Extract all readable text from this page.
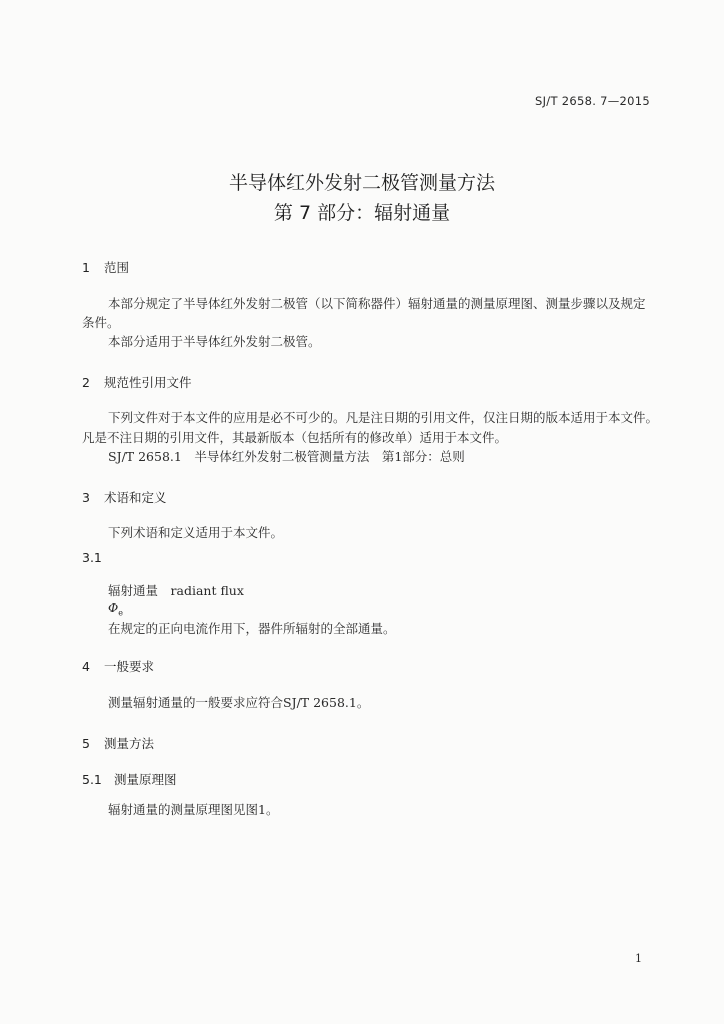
SJ/T 2658. 7—2015
半导体红外发射二极管测量方法
第 7 部分：辐射通量
1 范围
本部分规定了半导体红外发射二极管（以下简称器件）辐射通量的测量原理图、测量步骤以及规定
条件。
本部分适用于半导体红外发射二极管。
2 规范性引用文件
下列文件对于本文件的应用是必不可少的。凡是注日期的引用文件，仅注日期的版本适用于本文件。
凡是不注日期的引用文件，其最新版本（包括所有的修改单）适用于本文件。
SJ/T 2658.1　半导体红外发射二极管测量方法　第1部分：总则
3 术语和定义
下列术语和定义适用于本文件。
3.1
辐射通量　 radiant flux
$\Phi_e$
在规定的正向电流作用下，器件所辐射的全部通量。
4 一般要求
测量辐射通量的一般要求应符合SJ/T 2658.1。
5 测量方法
5.1 测量原理图
辐射通量的测量原理图见图1。
1
